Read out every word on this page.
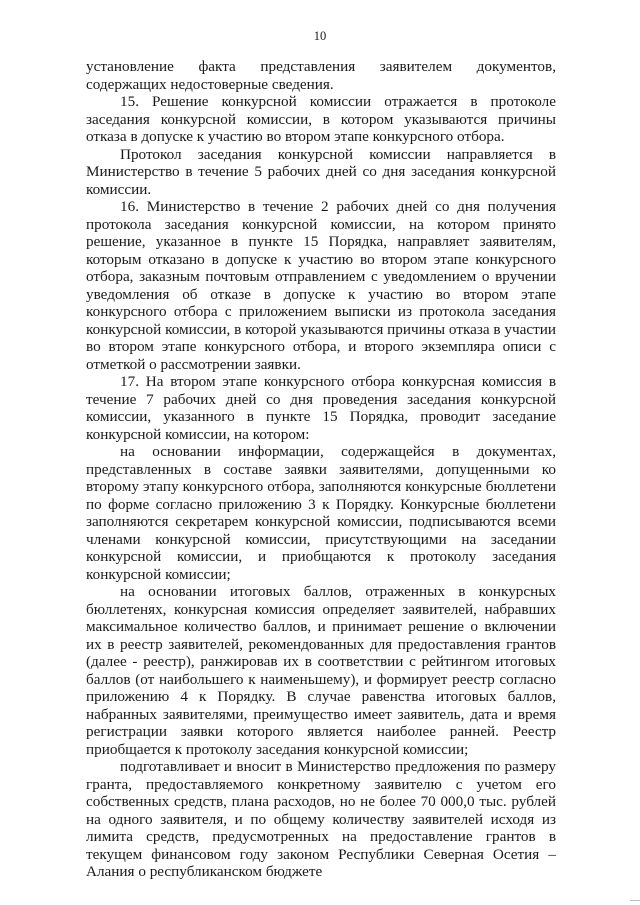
10

установление факта представления заявителем документов, содержащих недостоверные сведения.

15. Решение конкурсной комиссии отражается в протоколе заседания конкурсной комиссии, в котором указываются причины отказа в допуске к участию во втором этапе конкурсного отбора.

Протокол заседания конкурсной комиссии направляется в Министерство в течение 5 рабочих дней со дня заседания конкурсной комиссии.

16. Министерство в течение 2 рабочих дней со дня получения протокола заседания конкурсной комиссии, на котором принято решение, указанное в пункте 15 Порядка, направляет заявителям, которым отказано в допуске к участию во втором этапе конкурсного отбора, заказным почтовым отправлением с уведомлением о вручении уведомления об отказе в допуске к участию во втором этапе конкурсного отбора с приложением выписки из протокола заседания конкурсной комиссии, в которой указываются причины отказа в участии во втором этапе конкурсного отбора, и второго экземпляра описи с отметкой о рассмотрении заявки.

17. На втором этапе конкурсного отбора конкурсная комиссия в течение 7 рабочих дней со дня проведения заседания конкурсной комиссии, указанного в пункте 15 Порядка, проводит заседание конкурсной комиссии, на котором:

на основании информации, содержащейся в документах, представленных в составе заявки заявителями, допущенными ко второму этапу конкурсного отбора, заполняются конкурсные бюллетени по форме согласно приложению 3 к Порядку. Конкурсные бюллетени заполняются секретарем конкурсной комиссии, подписываются всеми членами конкурсной комиссии, присутствующими на заседании конкурсной комиссии, и приобщаются к протоколу заседания конкурсной комиссии;

на основании итоговых баллов, отраженных в конкурсных бюллетенях, конкурсная комиссия определяет заявителей, набравших максимальное количество баллов, и принимает решение о включении их в реестр заявителей, рекомендованных для предоставления грантов (далее - реестр), ранжировав их в соответствии с рейтингом итоговых баллов (от наибольшего к наименьшему), и формирует реестр согласно приложению 4 к Порядку. В случае равенства итоговых баллов, набранных заявителями, преимущество имеет заявитель, дата и время регистрации заявки которого является наиболее ранней. Реестр приобщается к протоколу заседания конкурсной комиссии;

подготавливает и вносит в Министерство предложения по размеру гранта, предоставляемого конкретному заявителю с учетом его собственных средств, плана расходов, но не более 70 000,0 тыс. рублей на одного заявителя, и по общему количеству заявителей исходя из лимита средств, предусмотренных на предоставление грантов в текущем финансовом году законом Республики Северная Осетия – Алания о республиканском бюджете
